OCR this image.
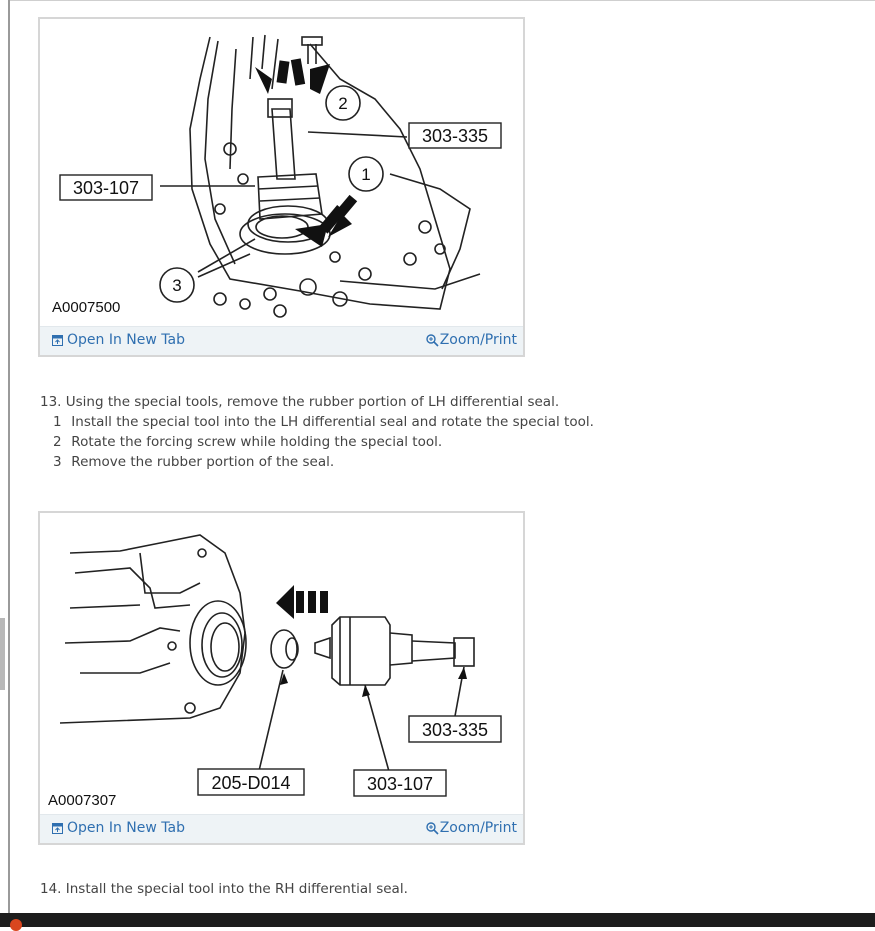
2
1
3
303-107
303-335
A0007500
Open In New Tab	Zoom/Print
13. Using the special tools, remove the rubber portion of LH differential seal.
1 Install the special tool into the LH differential seal and rotate the special tool.
2 Rotate the forcing screw while holding the special tool.
3 Remove the rubber portion of the seal.
205-D014	303-107
303-335
A0007307
Open In New Tab	Zoom/Print
14. Install the special tool into the RH differential seal.
